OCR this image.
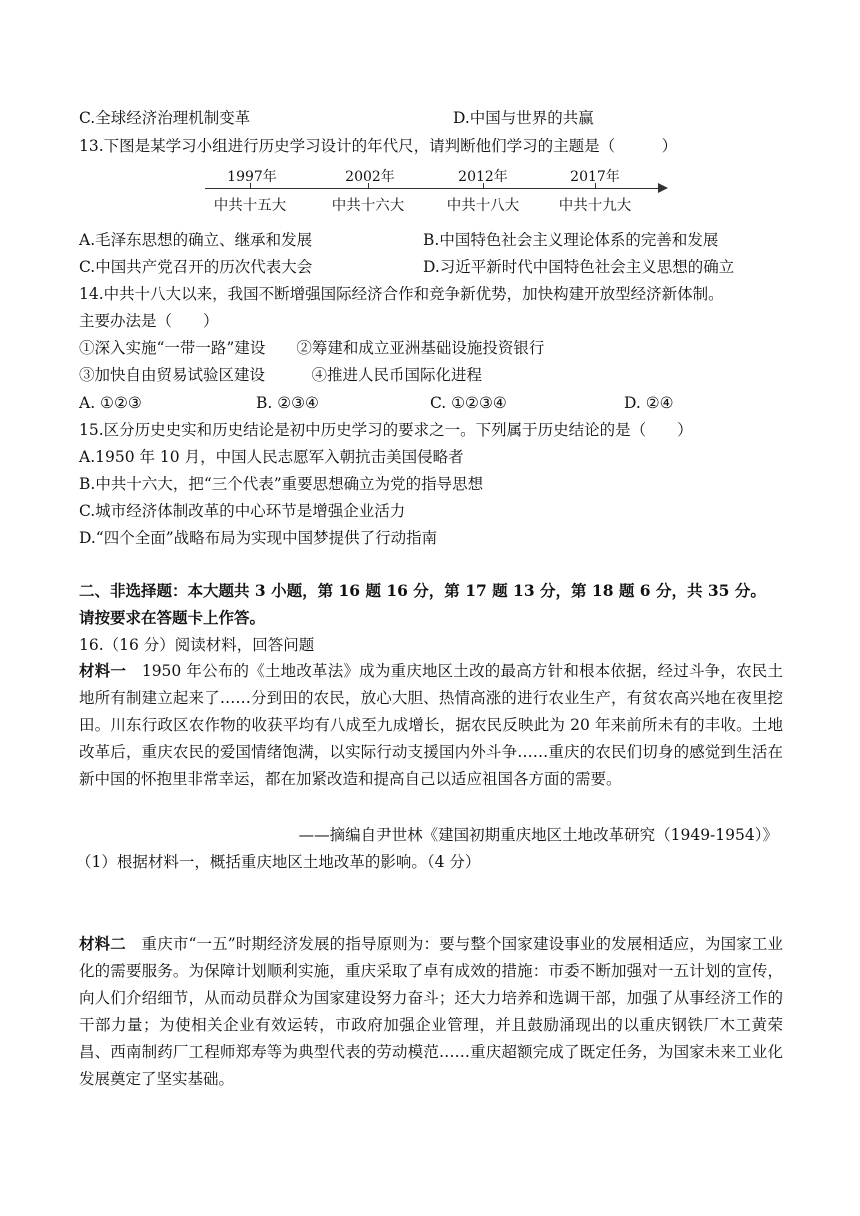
C.全球经济治理机制变革	D.中国与世界的共赢
13.下图是某学习小组进行历史学习设计的年代尺，请判断他们学习的主题是（　　　）
1997年	2002年	2012年	2017年
中共十五大	中共十六大	中共十八大	中共十九大
A.毛泽东思想的确立、继承和发展	B.中国特色社会主义理论体系的完善和发展
C.中国共产党召开的历次代表大会	D.习近平新时代中国特色社会主义思想的确立
14.中共十八大以来，我国不断增强国际经济合作和竞争新优势，加快构建开放型经济新体制。
主要办法是（　　）
①深入实施“一带一路”建设　　②筹建和成立亚洲基础设施投资银行
③加快自由贸易试验区建设　　　④推进人民币国际化进程
A. ①②③	B. ②③④	C. ①②③④	D. ②④
15.区分历史史实和历史结论是初中历史学习的要求之一。下列属于历史结论的是（　　）
A.1950 年 10 月，中国人民志愿军入朝抗击美国侵略者
B.中共十六大，把“三个代表”重要思想确立为党的指导思想
C.城市经济体制改革的中心环节是增强企业活力
D.“四个全面”战略布局为实现中国梦提供了行动指南
二、非选择题：本大题共 3 小题，第 16 题 16 分，第 17 题 13 分，第 18 题 6 分，共 35 分。
请按要求在答题卡上作答。
16.（16 分）阅读材料，回答问题
材料一　1950 年公布的《土地改革法》成为重庆地区土改的最高方针和根本依据，经过斗争，农民土地所有制建立起来了……分到田的农民，放心大胆、热情高涨的进行农业生产，有贫农高兴地在夜里挖田。川东行政区农作物的收获平均有八成至九成增长，据农民反映此为 20 年来前所未有的丰收。土地改革后，重庆农民的爱国情绪饱满，以实际行动支援国内外斗争……重庆的农民们切身的感觉到生活在新中国的怀抱里非常幸运，都在加紧改造和提高自己以适应祖国各方面的需要。
——摘编自尹世林《建国初期重庆地区土地改革研究（1949-1954）》
（1）根据材料一，概括重庆地区土地改革的影响。（4 分）
材料二　重庆市“一五”时期经济发展的指导原则为：要与整个国家建设事业的发展相适应，为国家工业化的需要服务。为保障计划顺利实施，重庆采取了卓有成效的措施：市委不断加强对一五计划的宣传，向人们介绍细节，从而动员群众为国家建设努力奋斗；还大力培养和选调干部，加强了从事经济工作的干部力量；为使相关企业有效运转，市政府加强企业管理，并且鼓励涌现出的以重庆钢铁厂木工黄荣昌、西南制药厂工程师郑寿等为典型代表的劳动模范……重庆超额完成了既定任务，为国家未来工业化发展奠定了坚实基础。
